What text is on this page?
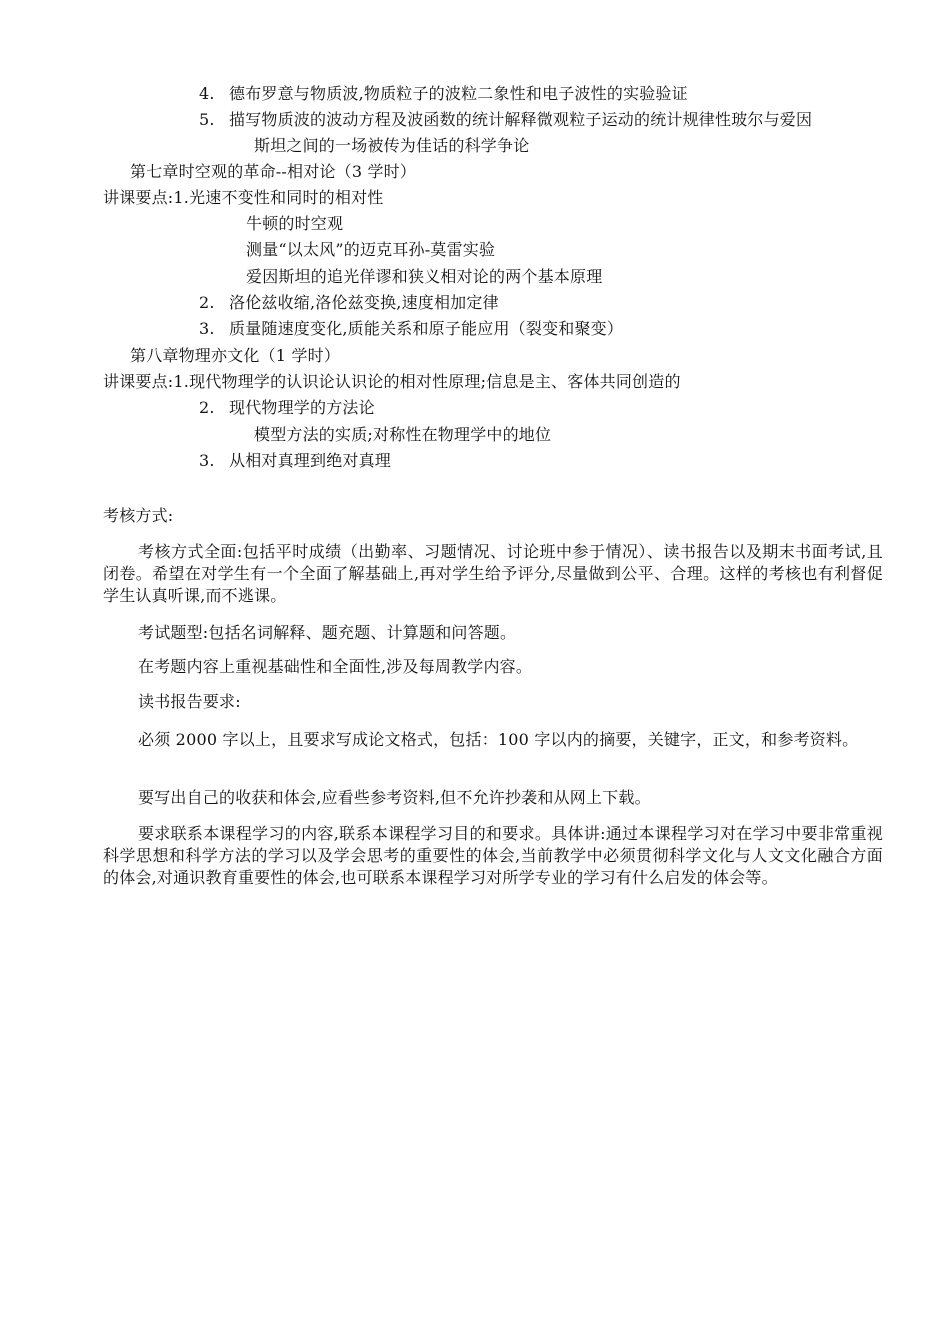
4. 德布罗意与物质波,物质粒子的波粒二象性和电子波性的实验验证
5. 描写物质波的波动方程及波函数的统计解释微观粒子运动的统计规律性玻尔与爱因
斯坦之间的一场被传为佳话的科学争论
第七章时空观的革命--相对论（3 学时）
讲课要点:1.光速不变性和同时的相对性
牛顿的时空观
测量“以太风”的迈克耳孙-莫雷实验
爱因斯坦的追光佯谬和狭义相对论的两个基本原理
2. 洛伦兹收缩,洛伦兹变换,速度相加定律
3. 质量随速度变化,质能关系和原子能应用（裂变和聚变）
第八章物理亦文化（1 学时）
讲课要点:1.现代物理学的认识论认识论的相对性原理;信息是主、客体共同创造的
2. 现代物理学的方法论
模型方法的实质;对称性在物理学中的地位
3. 从相对真理到绝对真理
考核方式:
考核方式全面:包括平时成绩（出勤率、习题情况、讨论班中参于情况）、读书报告以及期末书面考试,且闭卷。希望在对学生有一个全面了解基础上,再对学生给予评分,尽量做到公平、合理。这样的考核也有利督促学生认真听课,而不逃课。
考试题型:包括名词解释、题充题、计算题和问答题。
在考题内容上重视基础性和全面性,涉及每周教学内容。
读书报告要求:
必须 2000 字以上，且要求写成论文格式，包括：100 字以内的摘要，关键字，正文，和参考资料。
要写出自己的收获和体会,应看些参考资料,但不允许抄袭和从网上下载。
要求联系本课程学习的内容,联系本课程学习目的和要求。具体讲:通过本课程学习对在学习中要非常重视科学思想和科学方法的学习以及学会思考的重要性的体会,当前教学中必须贯彻科学文化与人文文化融合方面的体会,对通识教育重要性的体会,也可联系本课程学习对所学专业的学习有什么启发的体会等。
